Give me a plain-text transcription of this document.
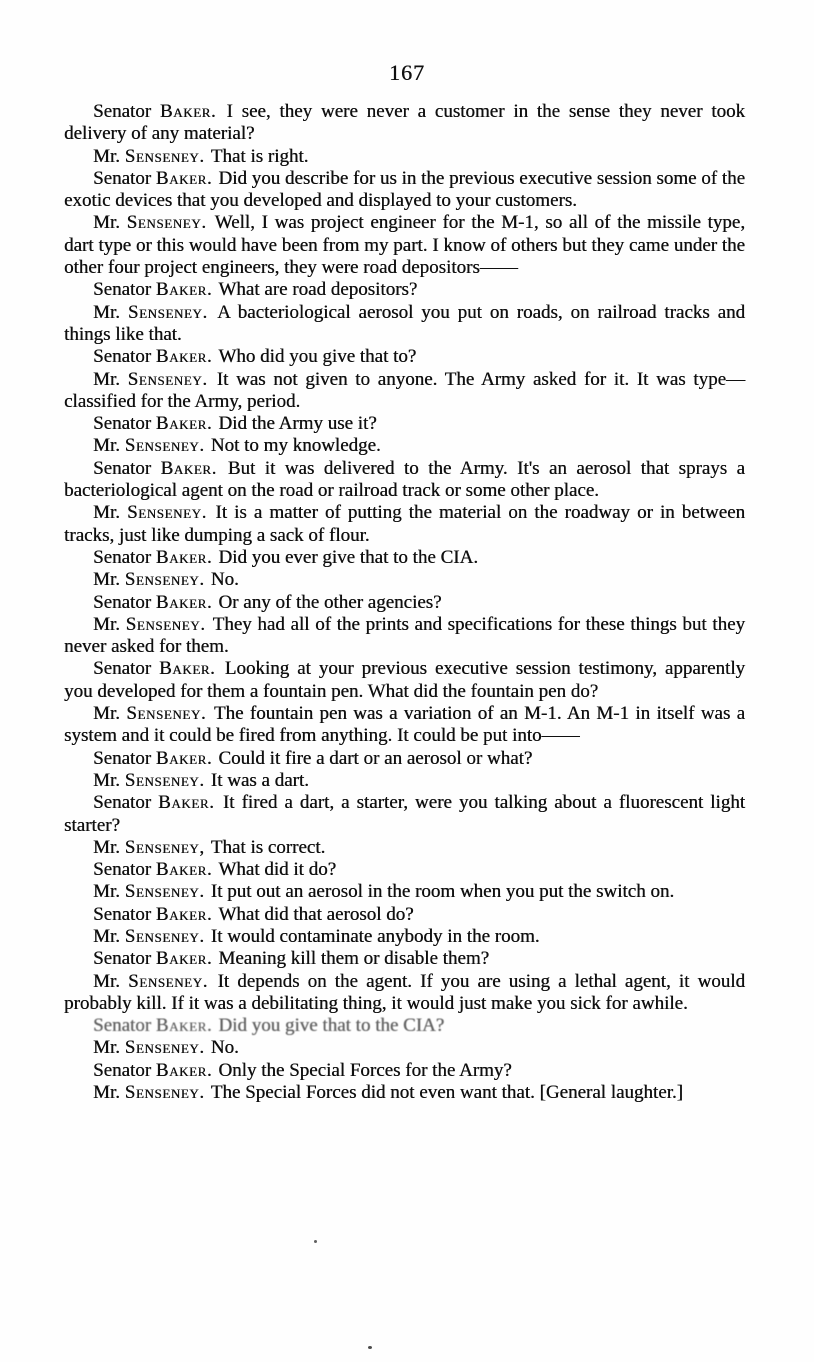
167

Senator Baker. I see, they were never a customer in the sense they never took delivery of any material?

Mr. Senseney. That is right.

Senator Baker. Did you describe for us in the previous executive session some of the exotic devices that you developed and displayed to your customers.

Mr. Senseney. Well, I was project engineer for the M-1, so all of the missile type, dart type or this would have been from my part. I know of others but they came under the other four project engineers, they were road depositors——

Senator Baker. What are road depositors?

Mr. Senseney. A bacteriological aerosol you put on roads, on railroad tracks and things like that.

Senator Baker. Who did you give that to?

Mr. Senseney. It was not given to anyone. The Army asked for it. It was type—classified for the Army, period.

Senator Baker. Did the Army use it?

Mr. Senseney. Not to my knowledge.

Senator Baker. But it was delivered to the Army. It's an aerosol that sprays a bacteriological agent on the road or railroad track or some other place.

Mr. Senseney. It is a matter of putting the material on the roadway or in between tracks, just like dumping a sack of flour.

Senator Baker. Did you ever give that to the CIA.

Mr. Senseney. No.

Senator Baker. Or any of the other agencies?

Mr. Senseney. They had all of the prints and specifications for these things but they never asked for them.

Senator Baker. Looking at your previous executive session testimony, apparently you developed for them a fountain pen. What did the fountain pen do?

Mr. Senseney. The fountain pen was a variation of an M-1. An M-1 in itself was a system and it could be fired from anything. It could be put into——

Senator Baker. Could it fire a dart or an aerosol or what?

Mr. Senseney. It was a dart.

Senator Baker. It fired a dart, a starter, were you talking about a fluorescent light starter?

Mr. Senseney, That is correct.

Senator Baker. What did it do?

Mr. Senseney. It put out an aerosol in the room when you put the switch on.

Senator Baker. What did that aerosol do?

Mr. Senseney. It would contaminate anybody in the room.

Senator Baker. Meaning kill them or disable them?

Mr. Senseney. It depends on the agent. If you are using a lethal agent, it would probably kill. If it was a debilitating thing, it would just make you sick for awhile.

Senator Baker. Did you give that to the CIA?

Mr. Senseney. No.

Senator Baker. Only the Special Forces for the Army?

Mr. Senseney. The Special Forces did not even want that. [General laughter.]
